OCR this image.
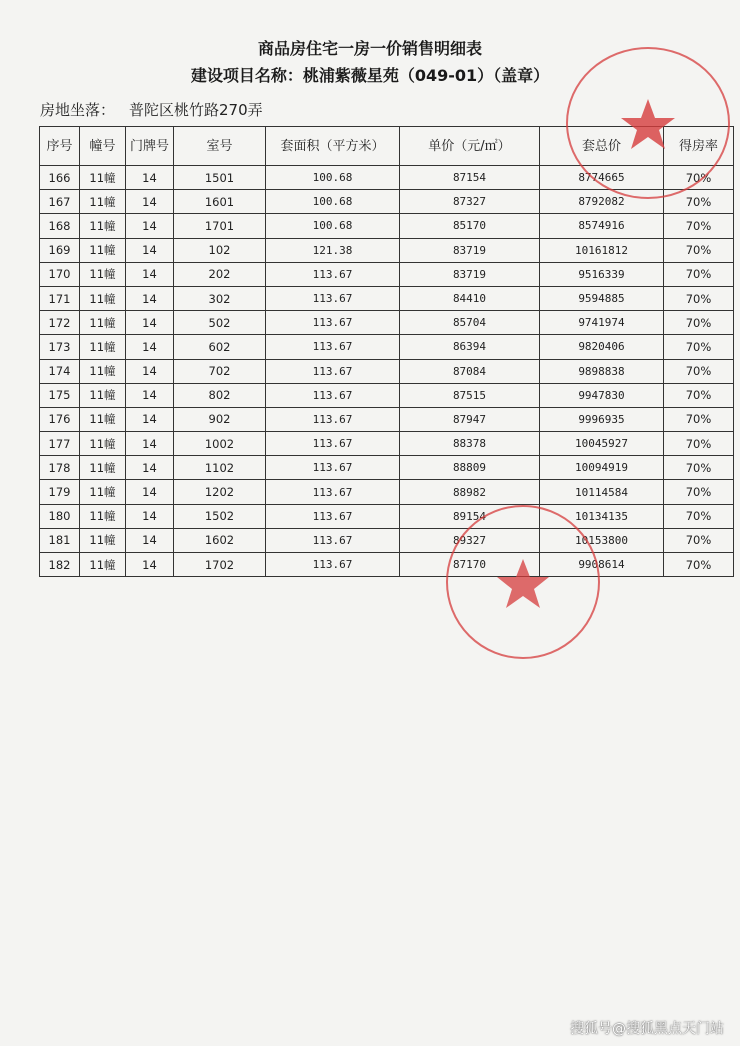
商品房住宅一房一价销售明细表
建设项目名称：桃浦紫薇星苑（049-01）（盖章）
房地坐落： 普陀区桃竹路270弄
序号	幢号	门牌号	室号	套面积（平方米）	单价（元/㎡）	套总价	得房率
166	11幢	14	1501	100.68	87154	8774665	70%
167	11幢	14	1601	100.68	87327	8792082	70%
168	11幢	14	1701	100.68	85170	8574916	70%
169	11幢	14	102	121.38	83719	10161812	70%
170	11幢	14	202	113.67	83719	9516339	70%
171	11幢	14	302	113.67	84410	9594885	70%
172	11幢	14	502	113.67	85704	9741974	70%
173	11幢	14	602	113.67	86394	9820406	70%
174	11幢	14	702	113.67	87084	9898838	70%
175	11幢	14	802	113.67	87515	9947830	70%
176	11幢	14	902	113.67	87947	9996935	70%
177	11幢	14	1002	113.67	88378	10045927	70%
178	11幢	14	1102	113.67	88809	10094919	70%
179	11幢	14	1202	113.67	88982	10114584	70%
180	11幢	14	1502	113.67	89154	10134135	70%
181	11幢	14	1602	113.67	89327	10153800	70%
182	11幢	14	1702	113.67	87170	9908614	70%
搜狐号@搜狐黑点天门站
